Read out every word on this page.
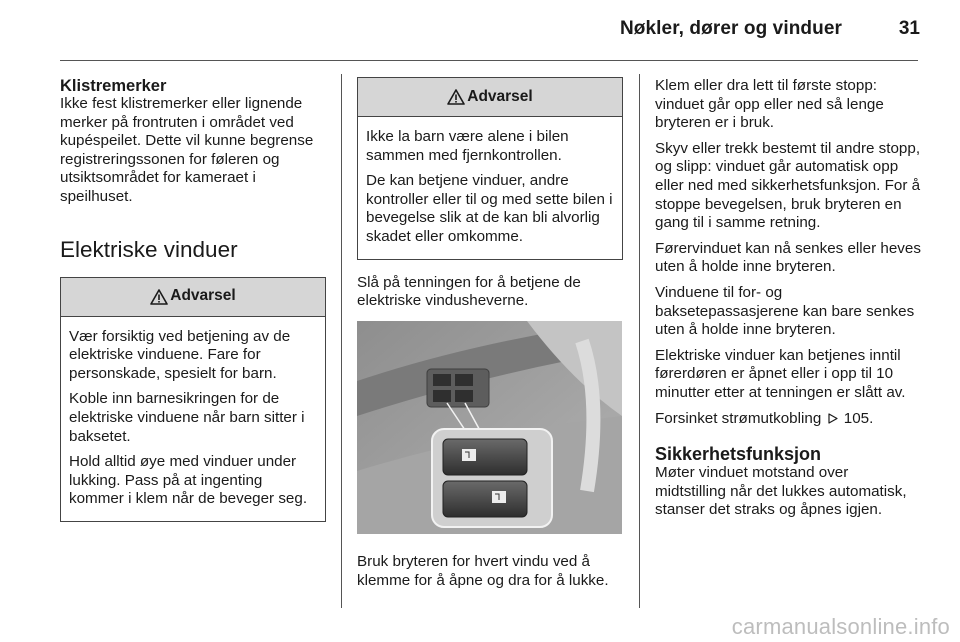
Nøkler, dører og vinduer	31
Klistremerker
Ikke fest klistremerker eller lignende merker på frontruten i området ved kupéspeilet. Dette vil kunne begrense registreringssonen for føleren og utsiktsområdet for kameraet i speilhuset.
Elektriske vinduer
Advarsel

Vær forsiktig ved betjening av de elektriske vinduene. Fare for personskade, spesielt for barn.

Koble inn barnesikringen for de elektriske vinduene når barn sitter i baksetet.

Hold alltid øye med vinduer under lukking. Pass på at ingenting kommer i klem når de beveger seg.

Advarsel

Ikke la barn være alene i bilen sammen med fjernkontrollen.

De kan betjene vinduer, andre kontroller eller til og med sette bilen i bevegelse slik at de kan bli alvorlig skadet eller omkomme.

Slå på tenningen for å betjene de elektriske vindusheverne.
Bruk bryteren for hvert vindu ved å klemme for å åpne og dra for å lukke.

Klem eller dra lett til første stopp: vinduet går opp eller ned så lenge bryteren er i bruk.

Skyv eller trekk bestemt til andre stopp, og slipp: vinduet går automatisk opp eller ned med sikkerhetsfunksjon. For å stoppe bevegelsen, bruk bryteren en gang til i samme retning.

Førervinduet kan nå senkes eller heves uten å holde inne bryteren.

Vinduene til for- og baksetepassasjerene kan bare senkes uten å holde inne bryteren.

Elektriske vinduer kan betjenes inntil førerdøren er åpnet eller i opp til 10 minutter etter at tenningen er slått av.

Forsinket strømutkobling 105.

Sikkerhetsfunksjon
Møter vinduet motstand over midtstilling når det lukkes automatisk, stanser det straks og åpnes igjen.
carmanualsonline.info
